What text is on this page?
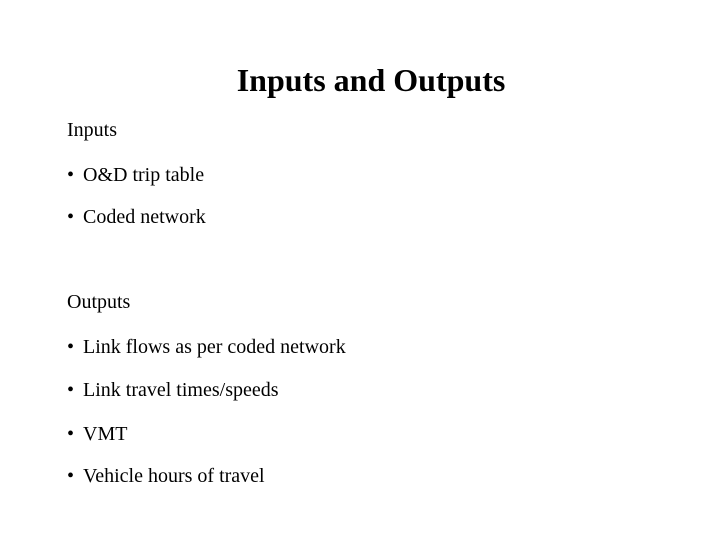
Inputs and Outputs
Inputs
• O&D trip table
• Coded network
Outputs
• Link flows as per coded network
• Link travel times/speeds
• VMT
• Vehicle hours of travel
